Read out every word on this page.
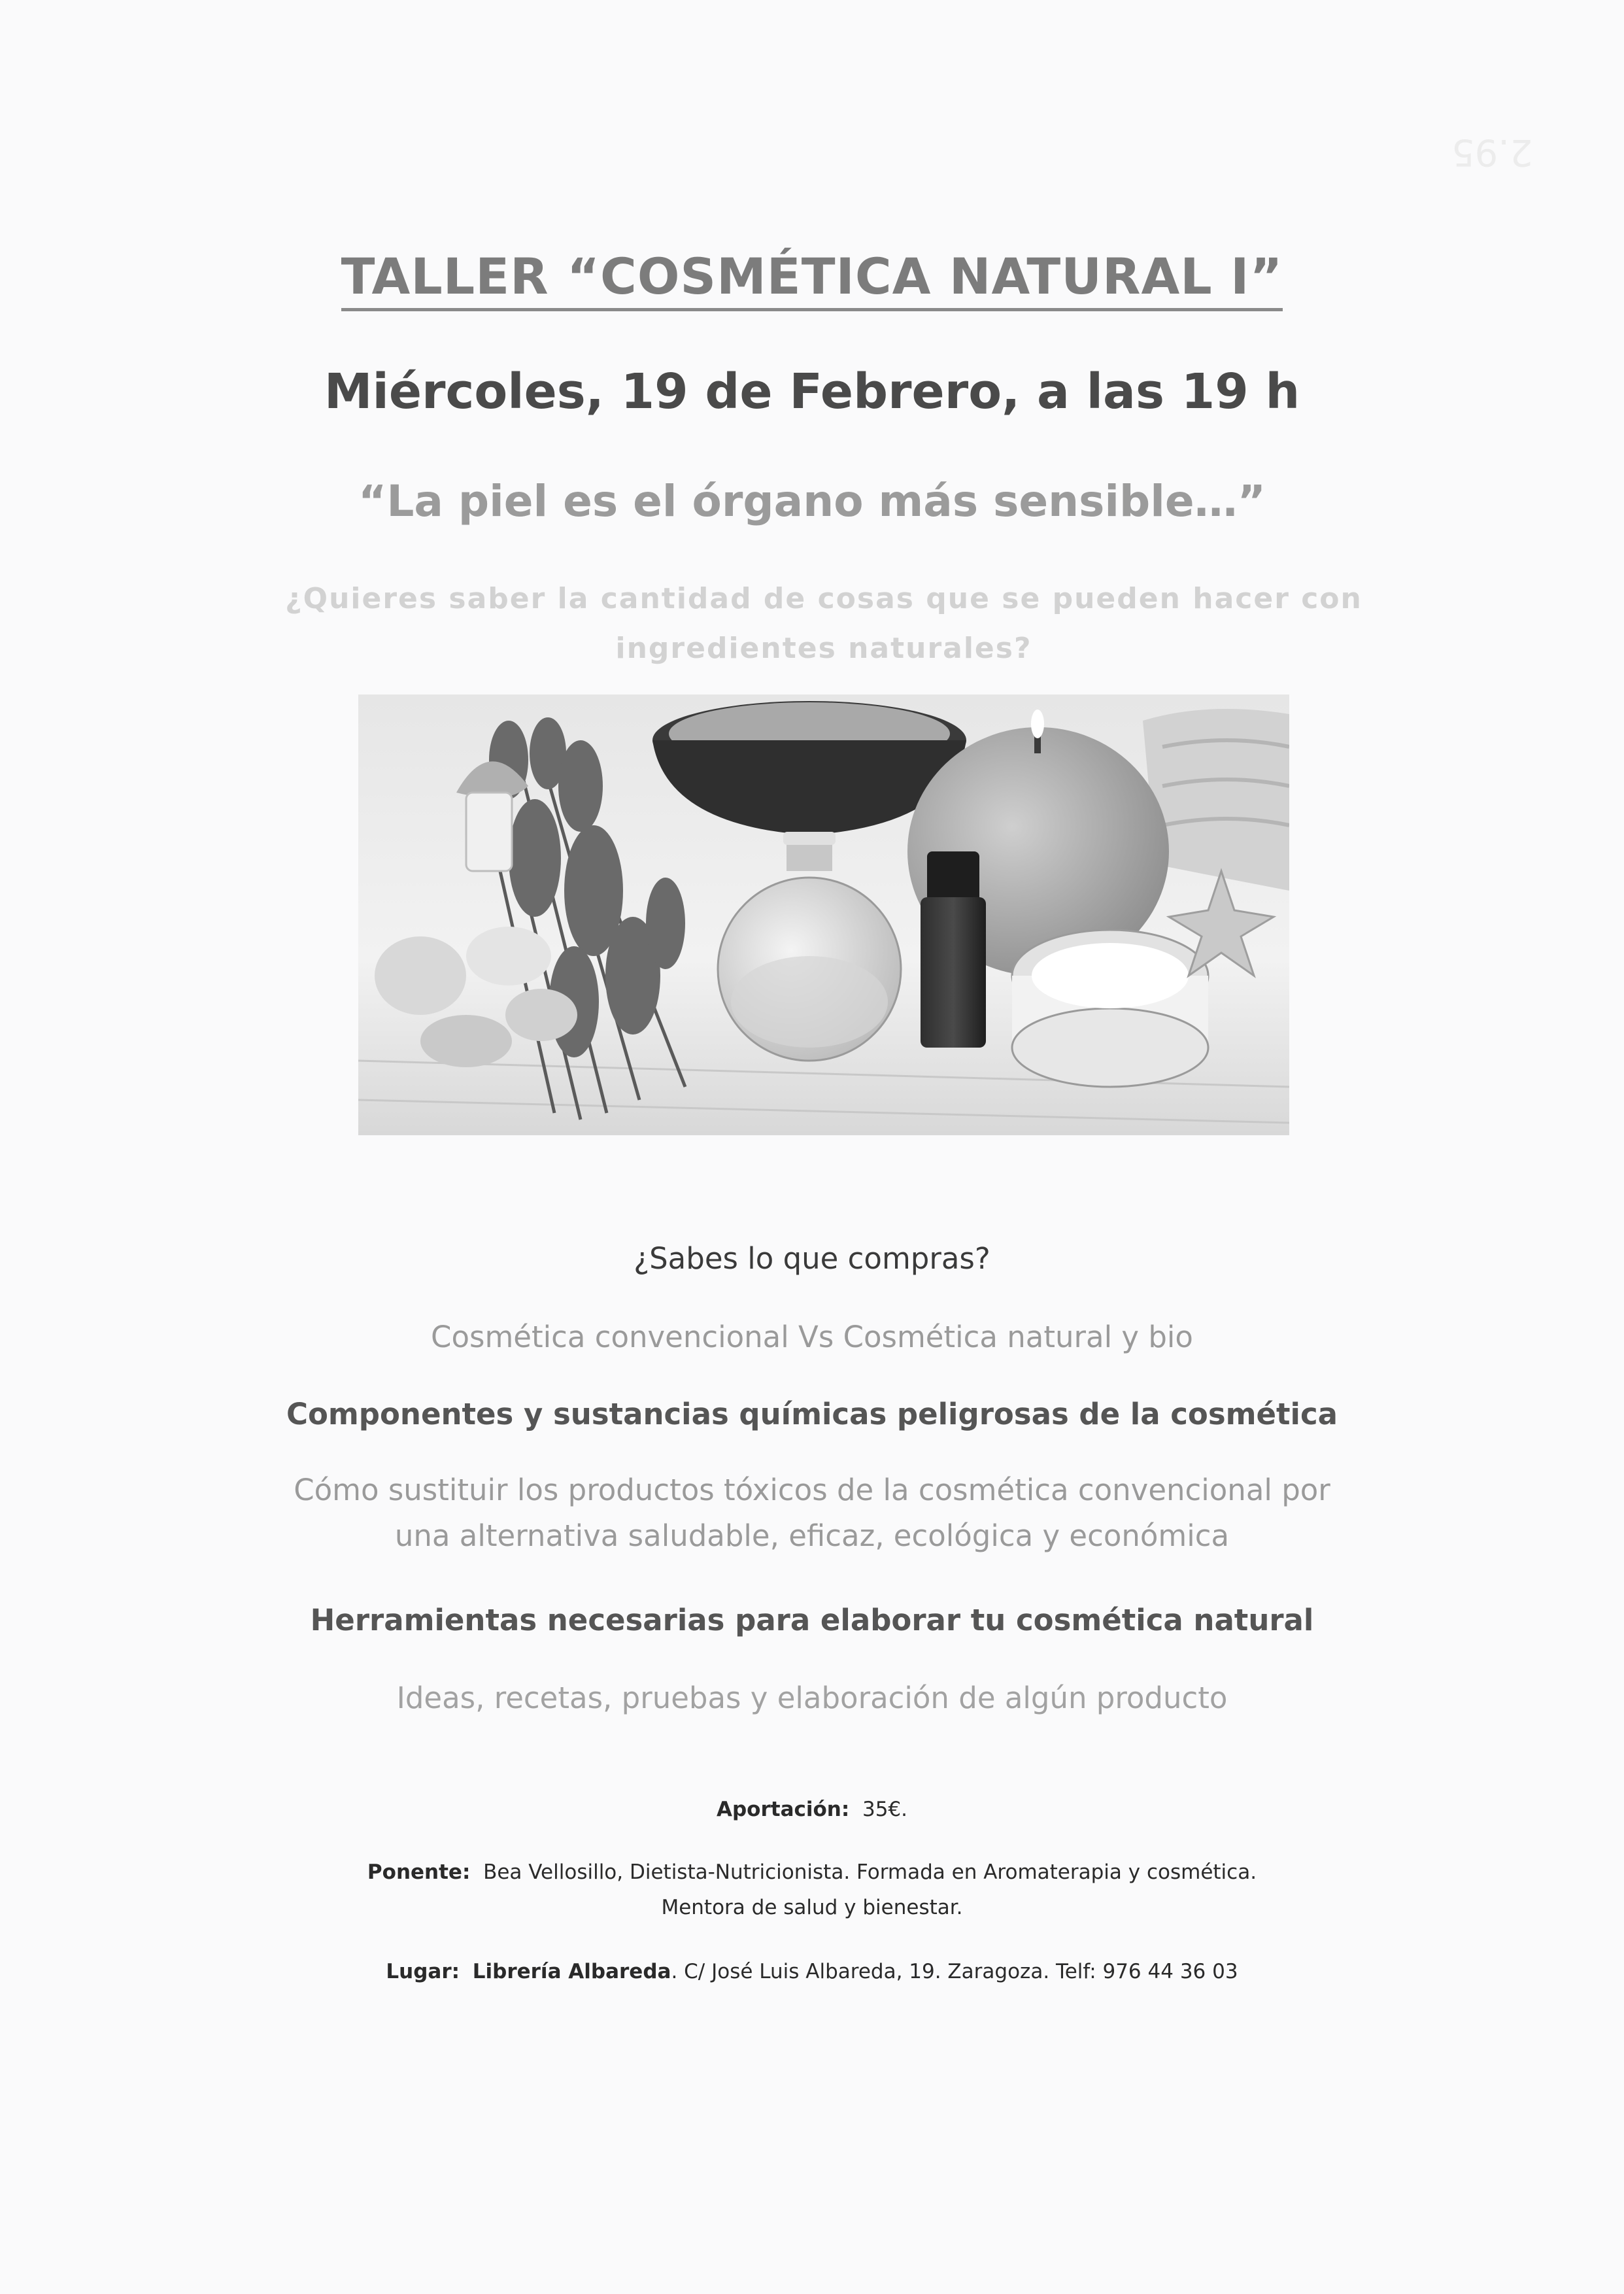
2.95
TALLER “COSMÉTICA NATURAL I”
Miércoles, 19 de Febrero, a las 19 h
“La piel es el órgano más sensible…”
¿Quieres saber la cantidad de cosas que se pueden hacer con
ingredientes naturales?
¿Sabes lo que compras?
Cosmética convencional Vs Cosmética natural y bio
Componentes y sustancias químicas peligrosas de la cosmética
Cómo sustituir los productos tóxicos de la cosmética convencional por
una alternativa saludable, eficaz, ecológica y económica
Herramientas necesarias para elaborar tu cosmética natural
Ideas, recetas, pruebas y elaboración de algún producto
Aportación: 35€.
Ponente: Bea Vellosillo, Dietista-Nutricionista. Formada en Aromaterapia y cosmética.
Mentora de salud y bienestar.
Lugar: Librería Albareda. C/ José Luis Albareda, 19. Zaragoza. Telf: 976 44 36 03
